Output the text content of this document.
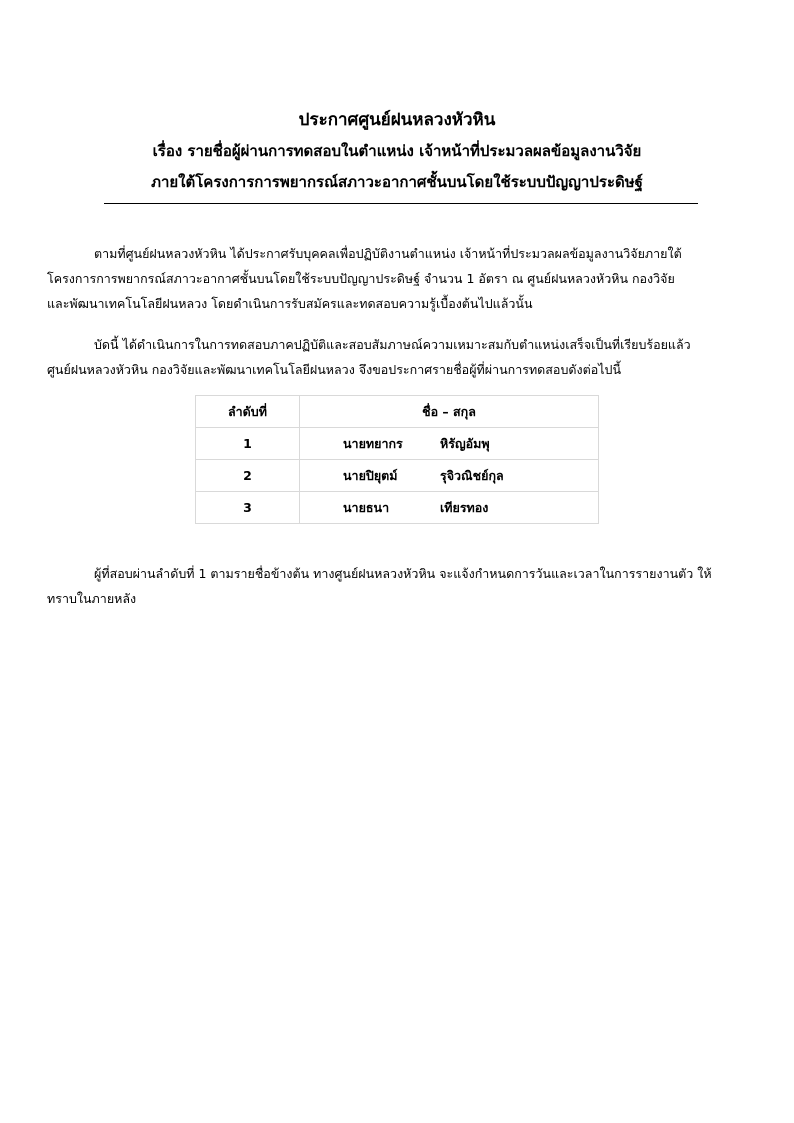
ประกาศศูนย์ฝนหลวงหัวหิน
เรื่อง รายชื่อผู้ผ่านการทดสอบในตำแหน่ง เจ้าหน้าที่ประมวลผลข้อมูลงานวิจัย
ภายใต้โครงการการพยากรณ์สภาวะอากาศชั้นบนโดยใช้ระบบปัญญาประดิษฐ์
ตามที่ศูนย์ฝนหลวงหัวหิน ได้ประกาศรับบุคคลเพื่อปฏิบัติงานตำแหน่ง เจ้าหน้าที่ประมวลผลข้อมูลงานวิจัยภายใต้
โครงการการพยากรณ์สภาวะอากาศชั้นบนโดยใช้ระบบปัญญาประดิษฐ์ จำนวน 1 อัตรา ณ ศูนย์ฝนหลวงหัวหิน กองวิจัย
และพัฒนาเทคโนโลยีฝนหลวง โดยดำเนินการรับสมัครและทดสอบความรู้เบื้องต้นไปแล้วนั้น
บัดนี้ ได้ดำเนินการในการทดสอบภาคปฏิบัติและสอบสัมภาษณ์ความเหมาะสมกับตำแหน่งเสร็จเป็นที่เรียบร้อยแล้ว
ศูนย์ฝนหลวงหัวหิน กองวิจัยและพัฒนาเทคโนโลยีฝนหลวง จึงขอประกาศรายชื่อผู้ที่ผ่านการทดสอบดังต่อไปนี้
ลำดับที่	ชื่อ – สกุล
1	นายทยากร หิรัญอัมพุ

2	นายปิยุตม์ รุจิวณิชย์กุล

3	นายธนา เทียรทอง
ผู้ที่สอบผ่านลำดับที่ 1 ตามรายชื่อข้างต้น ทางศูนย์ฝนหลวงหัวหิน จะแจ้งกำหนดการวันและเวลาในการรายงานตัว ให้
ทราบในภายหลัง
